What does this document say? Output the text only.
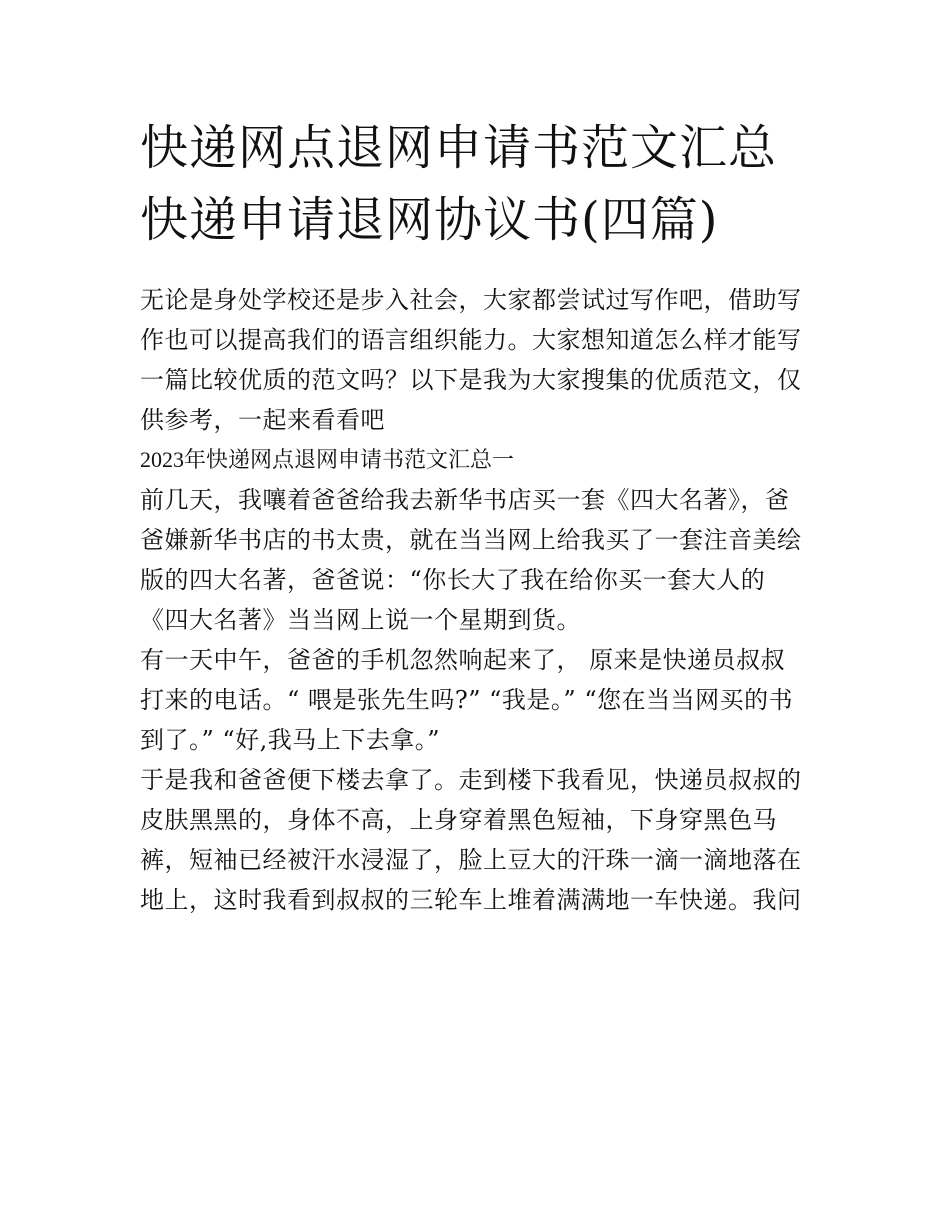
快递网点退网申请书范文汇总
快递申请退网协议书(四篇)

无论是身处学校还是步入社会，大家都尝试过写作吧，借助写
作也可以提高我们的语言组织能力。大家想知道怎么样才能写
一篇比较优质的范文吗？以下是我为大家搜集的优质范文，仅
供参考，一起来看看吧

2023年快递网点退网申请书范文汇总一

前几天，我嚷着爸爸给我去新华书店买一套《四大名著》，爸
爸嫌新华书店的书太贵，就在当当网上给我买了一套注音美绘
版的四大名著，爸爸说：“你长大了我在给你买一套大人的
《四大名著》当当网上说一个星期到货。

有一天中午，爸爸的手机忽然响起来了， 原来是快递员叔叔
打来的电话。“ 喂是张先生吗?” “我是。” “您在当当网买的书
到了。” “好,我马上下去拿。”

于是我和爸爸便下楼去拿了。走到楼下我看见，快递员叔叔的
皮肤黑黑的，身体不高，上身穿着黑色短袖，下身穿黑色马
裤，短袖已经被汗水浸湿了，脸上豆大的汗珠一滴一滴地落在
地上，这时我看到叔叔的三轮车上堆着满满地一车快递。我问
